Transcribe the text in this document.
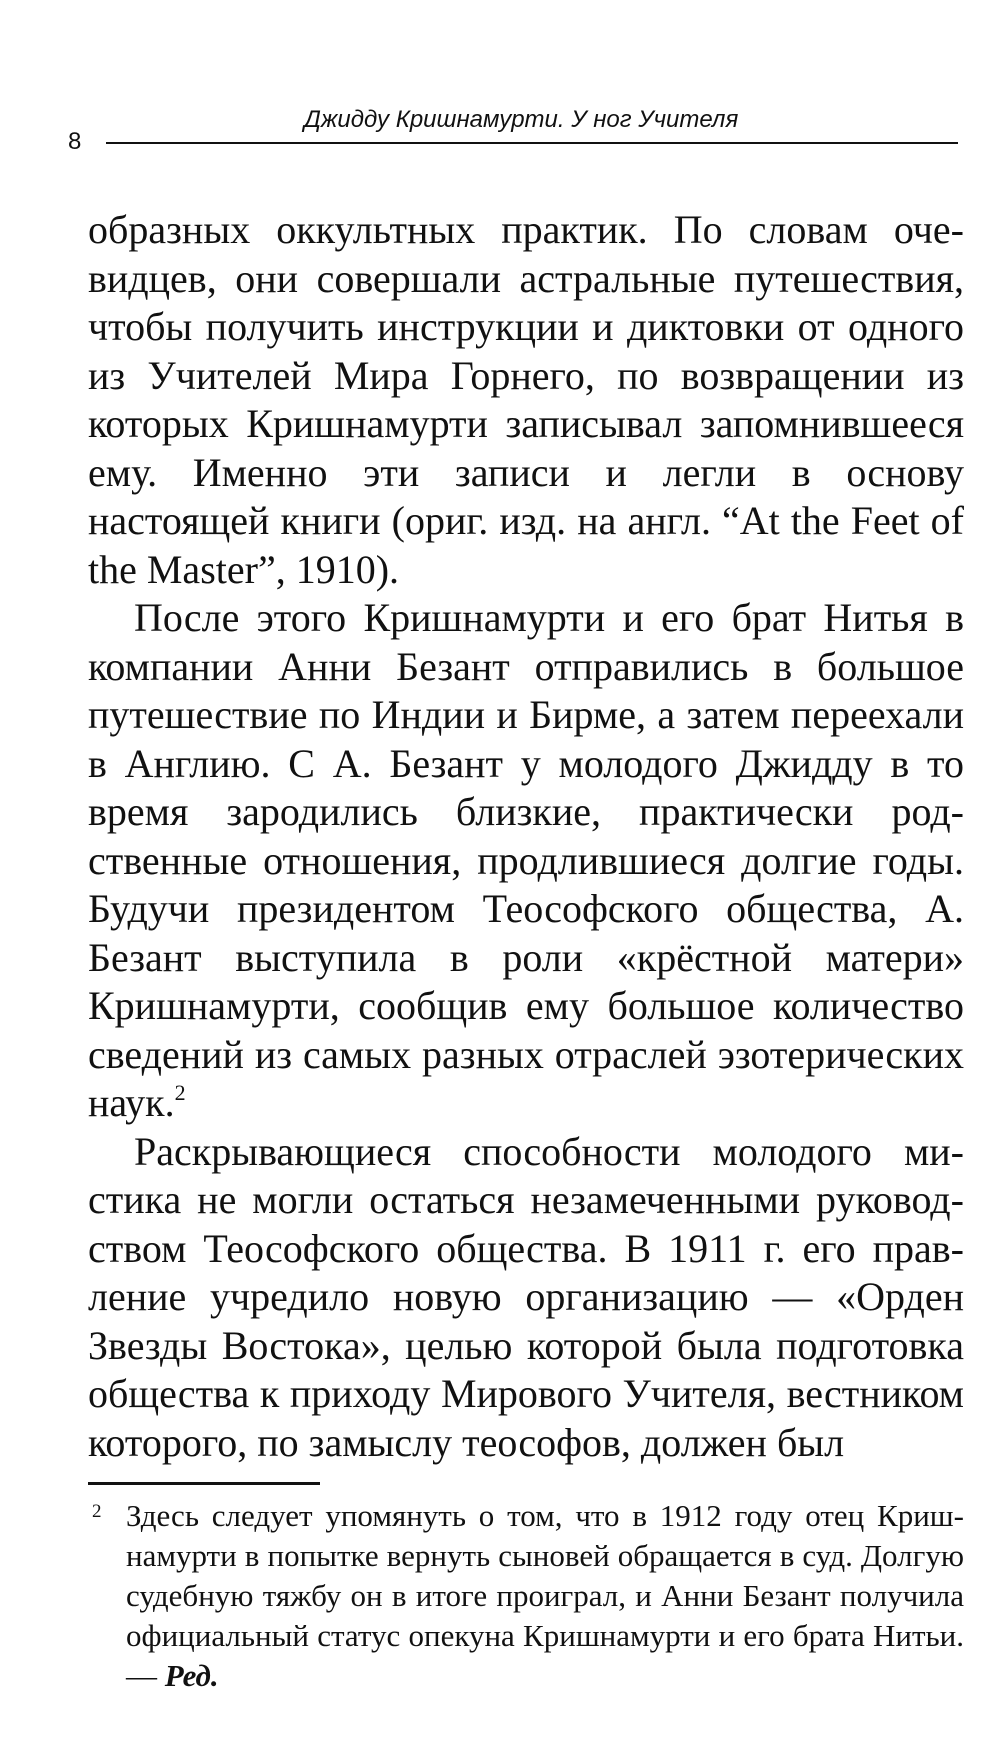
8
Джидду Кришнамурти. У ног Учителя

образных оккультных практик. По словам очевидцев, они совершали астральные путешествия, чтобы получить инструкции и диктовки от одного из Учителей Мира Горнего, по возвращении из которых Кришнамурти записывал запомнившееся ему. Именно эти записи и легли в основу настоящей книги (ориг. изд. на англ. “At the Feet of the Master”, 1910).

После этого Кришнамурти и его брат Нитья в компании Анни Безант отправились в большое путешествие по Индии и Бирме, а затем переехали в Англию. С А. Безант у молодого Джидду в то время зародились близкие, практически родственные отношения, продлившиеся долгие годы. Будучи президентом Теософского общества, А. Безант выступила в роли «крёстной матери» Кришнамурти, сообщив ему большое количество сведений из самых разных отраслей эзотерических наук.$^2$

Раскрывающиеся способности молодого мистика не могли остаться незамеченными руководством Теософского общества. В 1911 г. его правление учредило новую организацию — «Орден Звезды Востока», целью которой была подготовка общества к приходу Мирового Учителя, вестником которого, по замыслу теософов, должен был

2 Здесь следует упомянуть о том, что в 1912 году отец Кришнамурти в попытке вернуть сыновей обращается в суд. Долгую судебную тяжбу он в итоге проиграл, и Анни Безант получила официальный статус опекуна Кришнамурти и его брата Нитьи. — Ред.
